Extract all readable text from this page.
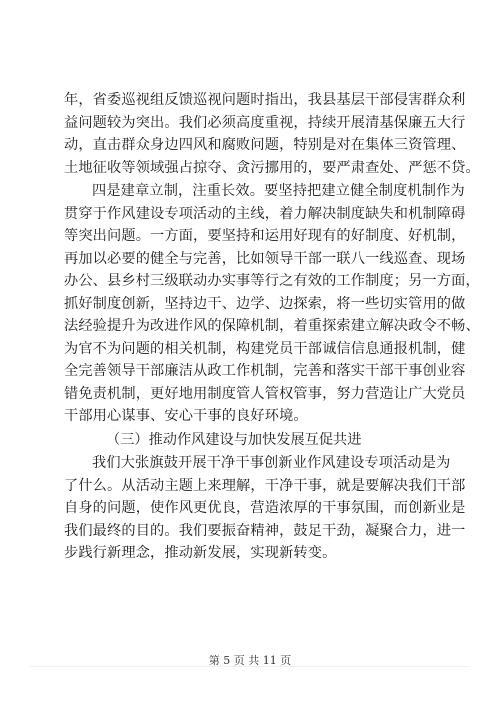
年，省委巡视组反馈巡视问题时指出，我县基层干部侵害群众利
益问题较为突出。我们必须高度重视，持续开展清基保廉五大行
动，直击群众身边四风和腐败问题，特别是对在集体三资管理、
土地征收等领域强占掠夺、贪污挪用的，要严肃查处、严惩不贷。

四是建章立制，注重长效。要坚持把建立健全制度机制作为
贯穿于作风建设专项活动的主线，着力解决制度缺失和机制障碍
等突出问题。一方面，要坚持和运用好现有的好制度、好机制，
再加以必要的健全与完善，比如领导干部一联八一线巡查、现场
办公、县乡村三级联动办实事等行之有效的工作制度；另一方面，
抓好制度创新，坚持边干、边学、边探索，将一些切实管用的做
法经验提升为改进作风的保障机制，着重探索建立解决政令不畅、
为官不为问题的相关机制，构建党员干部诚信信息通报机制，健
全完善领导干部廉洁从政工作机制，完善和落实干部干事创业容
错免责机制，更好地用制度管人管权管事，努力营造让广大党员
干部用心谋事、安心干事的良好环境。

（三）推动作风建设与加快发展互促共进

我们大张旗鼓开展干净干事创新业作风建设专项活动是为
了什么。从活动主题上来理解，干净干事，就是要解决我们干部
自身的问题，使作风更优良，营造浓厚的干事氛围，而创新业是
我们最终的目的。我们要振奋精神，鼓足干劲，凝聚合力，进一
步践行新理念，推动新发展，实现新转变。

第 5 页 共 11 页
